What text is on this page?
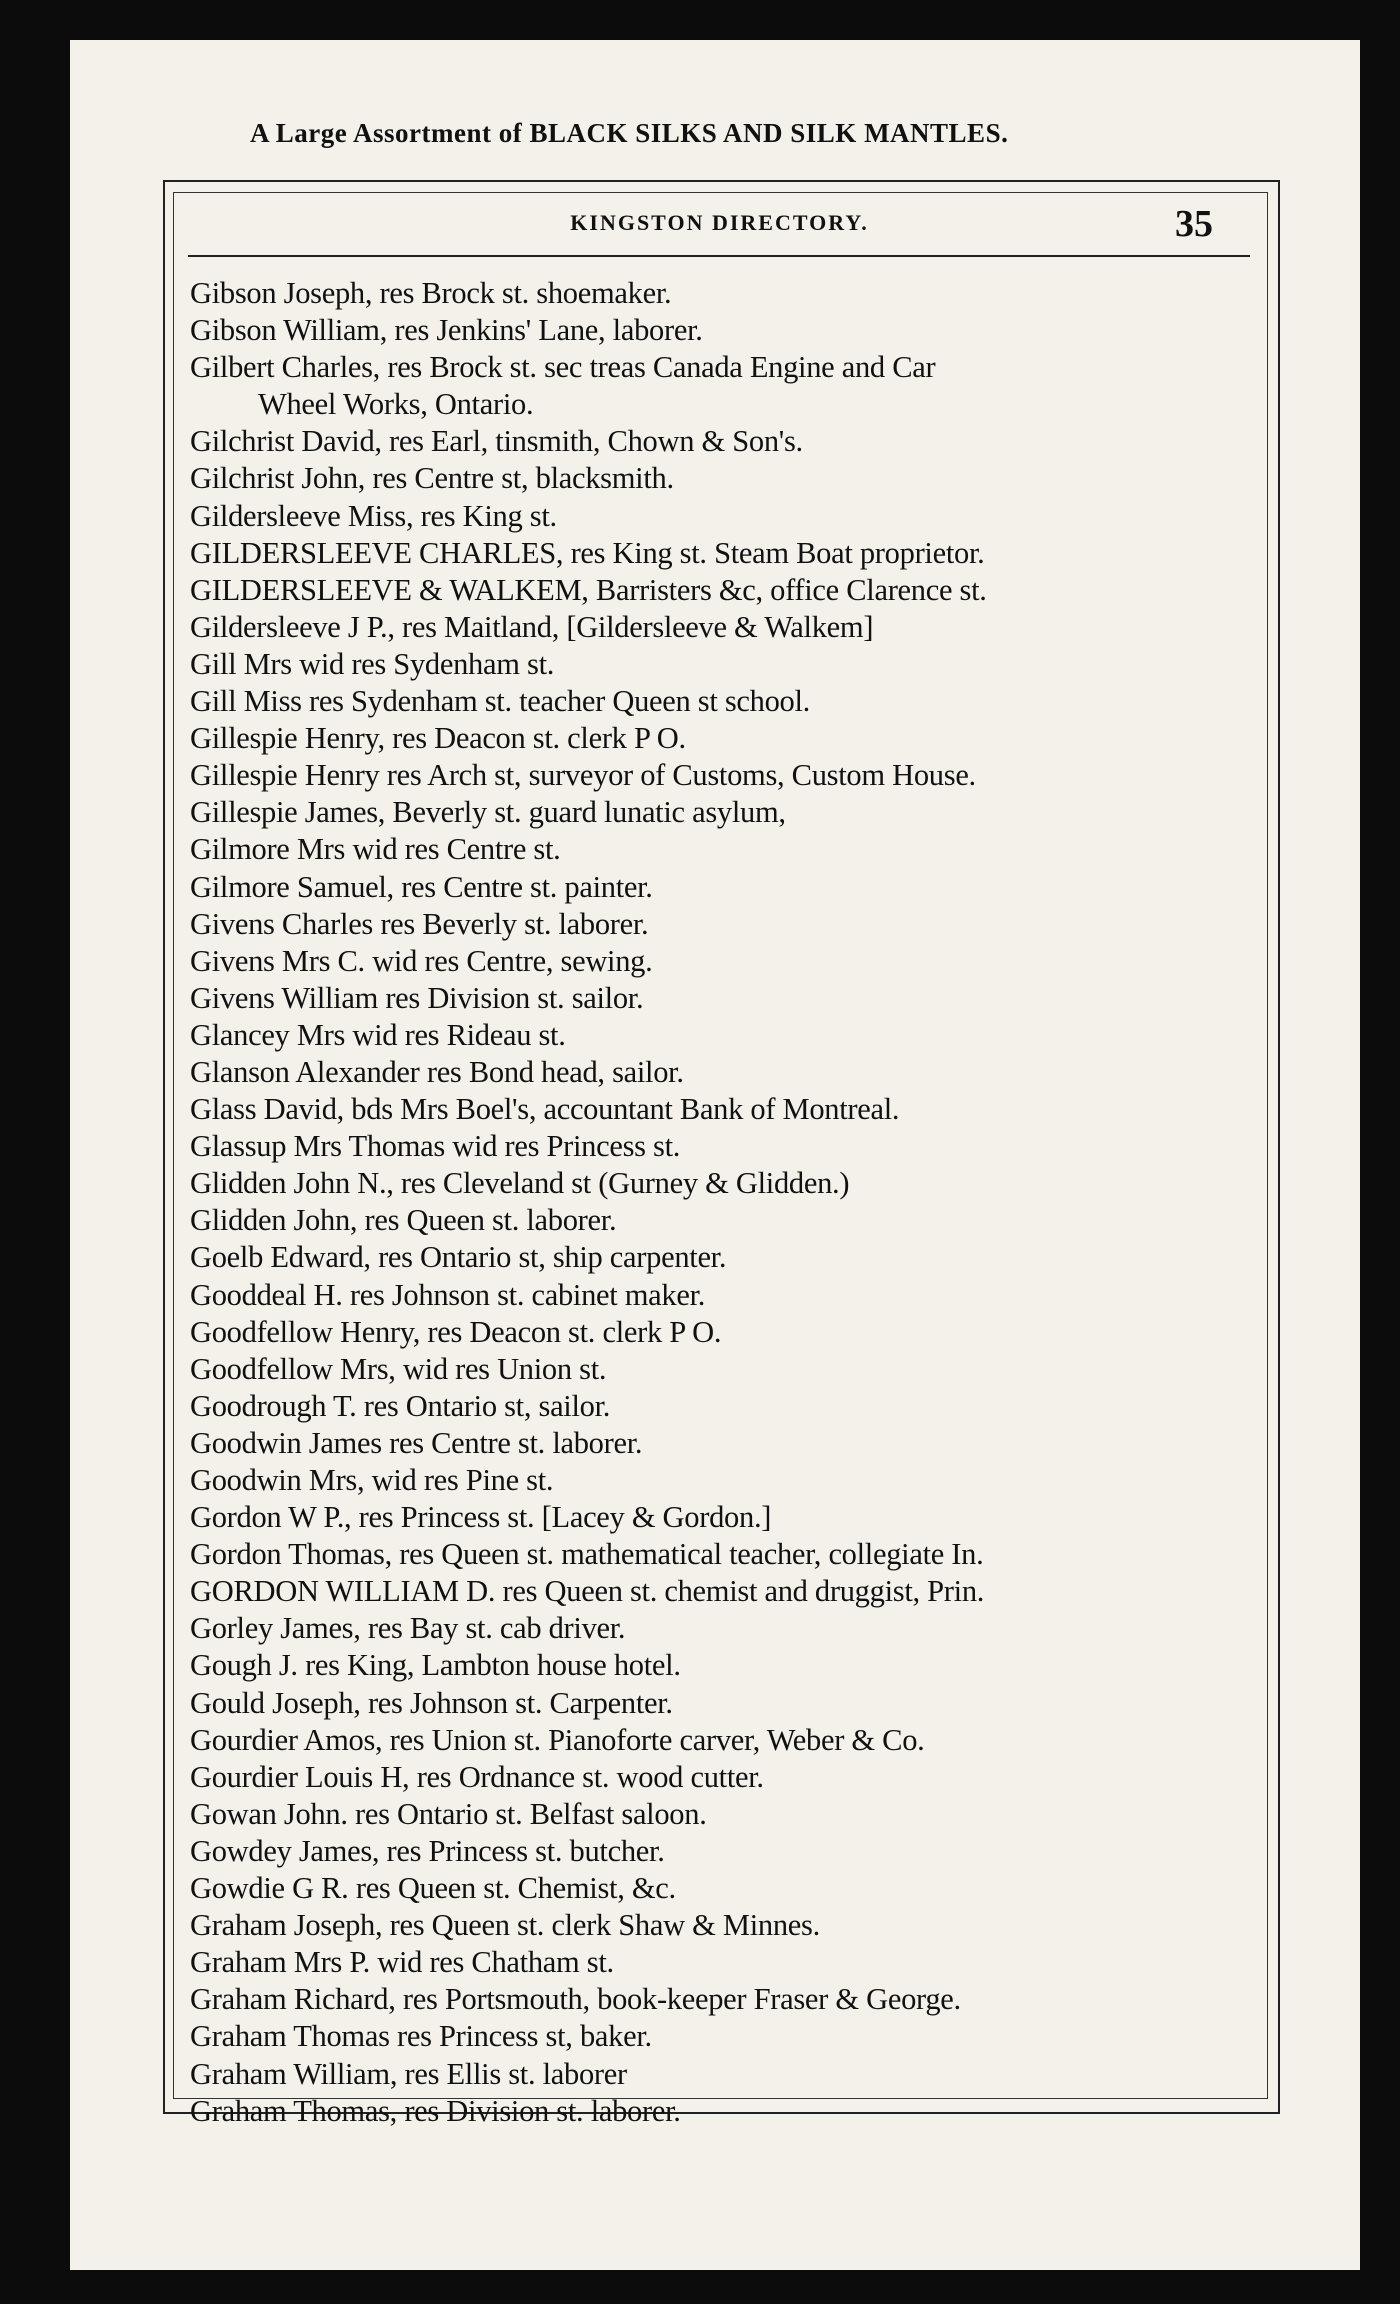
A Large Assortment of BLACK SILKS AND SILK MANTLES.
KINGSTON DIRECTORY.	35
Gibson Joseph, res Brock st. shoemaker.
Gibson William, res Jenkins' Lane, laborer.
Gilbert Charles, res Brock st. sec treas Canada Engine and Car
Wheel Works, Ontario.
Gilchrist David, res Earl, tinsmith, Chown & Son's.
Gilchrist John, res Centre st, blacksmith.
Gildersleeve Miss, res King st.
GILDERSLEEVE CHARLES, res King st. Steam Boat proprietor.
GILDERSLEEVE & WALKEM, Barristers &c, office Clarence st.
Gildersleeve J P., res Maitland, [Gildersleeve & Walkem]
Gill Mrs wid res Sydenham st.
Gill Miss res Sydenham st. teacher Queen st school.
Gillespie Henry, res Deacon st. clerk P O.
Gillespie Henry res Arch st, surveyor of Customs, Custom House.
Gillespie James, Beverly st. guard lunatic asylum,
Gilmore Mrs wid res Centre st.
Gilmore Samuel, res Centre st. painter.
Givens Charles res Beverly st. laborer.
Givens Mrs C. wid res Centre, sewing.
Givens William res Division st. sailor.
Glancey Mrs wid res Rideau st.
Glanson Alexander res Bond head, sailor.
Glass David, bds Mrs Boel's, accountant Bank of Montreal.
Glassup Mrs Thomas wid res Princess st.
Glidden John N., res Cleveland st (Gurney & Glidden.)
Glidden John, res Queen st. laborer.
Goelb Edward, res Ontario st, ship carpenter.
Gooddeal H. res Johnson st. cabinet maker.
Goodfellow Henry, res Deacon st. clerk P O.
Goodfellow Mrs, wid res Union st.
Goodrough T. res Ontario st, sailor.
Goodwin James res Centre st. laborer.
Goodwin Mrs, wid res Pine st.
Gordon W P., res Princess st. [Lacey & Gordon.]
Gordon Thomas, res Queen st. mathematical teacher, collegiate In.
GORDON WILLIAM D. res Queen st. chemist and druggist, Prin.
Gorley James, res Bay st. cab driver.
Gough J. res King, Lambton house hotel.
Gould Joseph, res Johnson st. Carpenter.
Gourdier Amos, res Union st. Pianoforte carver, Weber & Co.
Gourdier Louis H, res Ordnance st. wood cutter.
Gowan John. res Ontario st. Belfast saloon.
Gowdey James, res Princess st. butcher.
Gowdie G R. res Queen st. Chemist, &c.
Graham Joseph, res Queen st. clerk Shaw & Minnes.
Graham Mrs P. wid res Chatham st.
Graham Richard, res Portsmouth, book-keeper Fraser & George.
Graham Thomas res Princess st, baker.
Graham William, res Ellis st. laborer
Graham Thomas, res Division st. laborer.
